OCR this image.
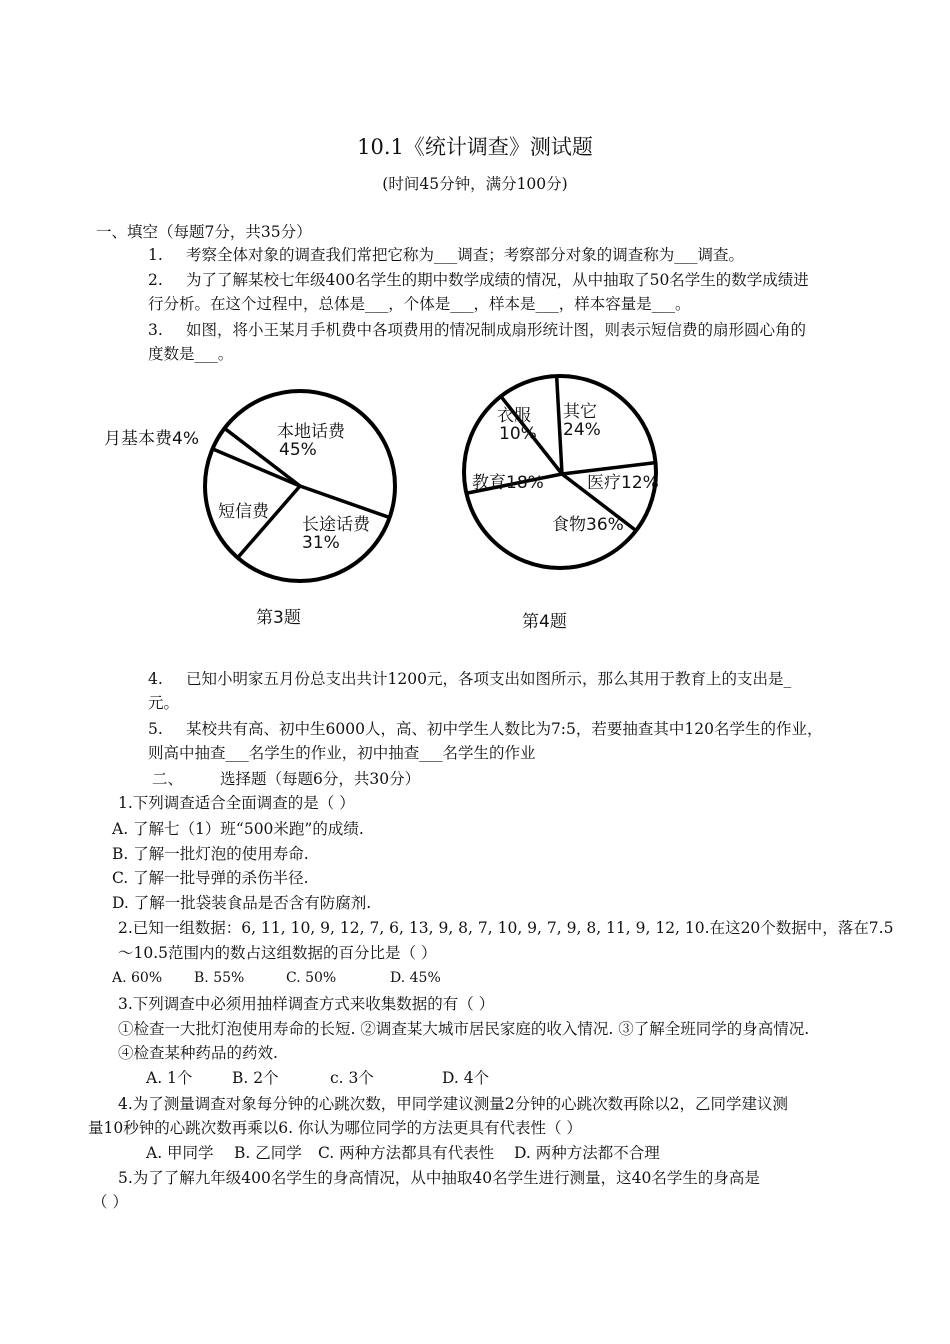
10.1《统计调查》测试题
(时间45分钟，满分100分)
一、填空（每题7分，共35分）
1. 考察全体对象的调查我们常把它称为___调查；考察部分对象的调查称为___调查。
2. 为了了解某校七年级400名学生的期中数学成绩的情况，从中抽取了50名学生的数学成绩进
行分析。在这个过程中，总体是___，个体是___，样本是___，样本容量是___。
3. 如图，将小王某月手机费中各项费用的情况制成扇形统计图，则表示短信费的扇形圆心角的
度数是___。
月基本费4%	本地话费
45%
长途话费
31%
短信费
第3题
衣服
10%
其它
24%
医疗12%
食物36%
教育18%
第4题
4. 已知小明家五月份总支出共计1200元，各项支出如图所示，那么其用于教育上的支出是_
元。
5. 某校共有高、初中生6000人，高、初中学生人数比为7:5，若要抽查其中120名学生的作业，
则高中抽查___名学生的作业，初中抽查___名学生的作业
二、 选择题（每题6分，共30分）
1.下列调查适合全面调查的是（ ）
A. 了解七（1）班“500米跑”的成绩.
B. 了解一批灯泡的使用寿命.
C. 了解一批导弹的杀伤半径.
D. 了解一批袋装食品是否含有防腐剂.
2.已知一组数据：6, 11, 10, 9, 12, 7, 6, 13, 9, 8, 7, 10, 9, 7, 9, 8, 11, 9, 12, 10.在这20个数据中，落在7.5
～10.5范围内的数占这组数据的百分比是（ ）
A. 60% B. 55%	C. 50%	D. 45%
3.下列调查中必须用抽样调查方式来收集数据的有（ ）
①检查一大批灯泡使用寿命的长短. ②调查某大城市居民家庭的收入情况. ③了解全班同学的身高情况.
④检查某种药品的药效.
A. 1个	B. 2个	c. 3个	D. 4个
4.为了测量调查对象每分钟的心跳次数，甲同学建议测量2分钟的心跳次数再除以2，乙同学建议测
量10秒钟的心跳次数再乘以6. 你认为哪位同学的方法更具有代表性（ ）
A. 甲同学 B. 乙同学 C. 两种方法都具有代表性 D. 两种方法都不合理
5.为了了解九年级400名学生的身高情况，从中抽取40名学生进行测量，这40名学生的身高是
（ ）
